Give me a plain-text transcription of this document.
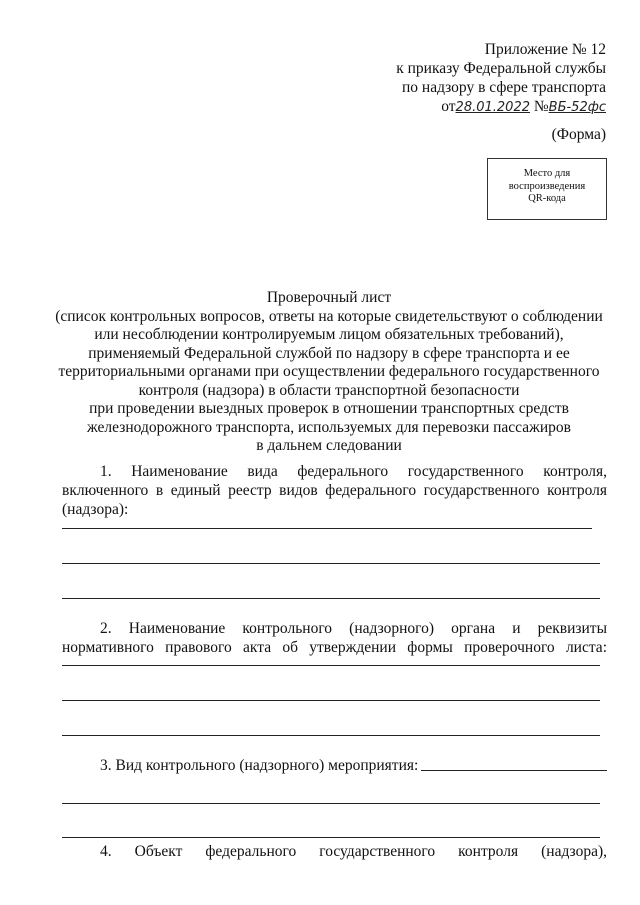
Приложение № 12
к приказу Федеральной службы
по надзору в сфере транспорта
от28.01.2022 №ВБ-52фс
(Форма)
Место для
воспроизведения
QR-кода
Проверочный лист
(список контрольных вопросов, ответы на которые свидетельствуют о соблюдении
или несоблюдении контролируемым лицом обязательных требований),
применяемый Федеральной службой по надзору в сфере транспорта и ее
территориальными органами при осуществлении федерального государственного
контроля (надзора) в области транспортной безопасности
при проведении выездных проверок в отношении транспортных средств
железнодорожного транспорта, используемых для перевозки пассажиров
в дальнем следовании
1. Наименование вида федерального государственного контроля,
включенного в единый реестр видов федерального государственного контроля
(надзора):
2. Наименование контрольного (надзорного) органа и реквизиты
нормативного правового акта об утверждении формы проверочного листа:
3. Вид контрольного (надзорного) мероприятия:
4. Объект федерального государственного контроля (надзора),
